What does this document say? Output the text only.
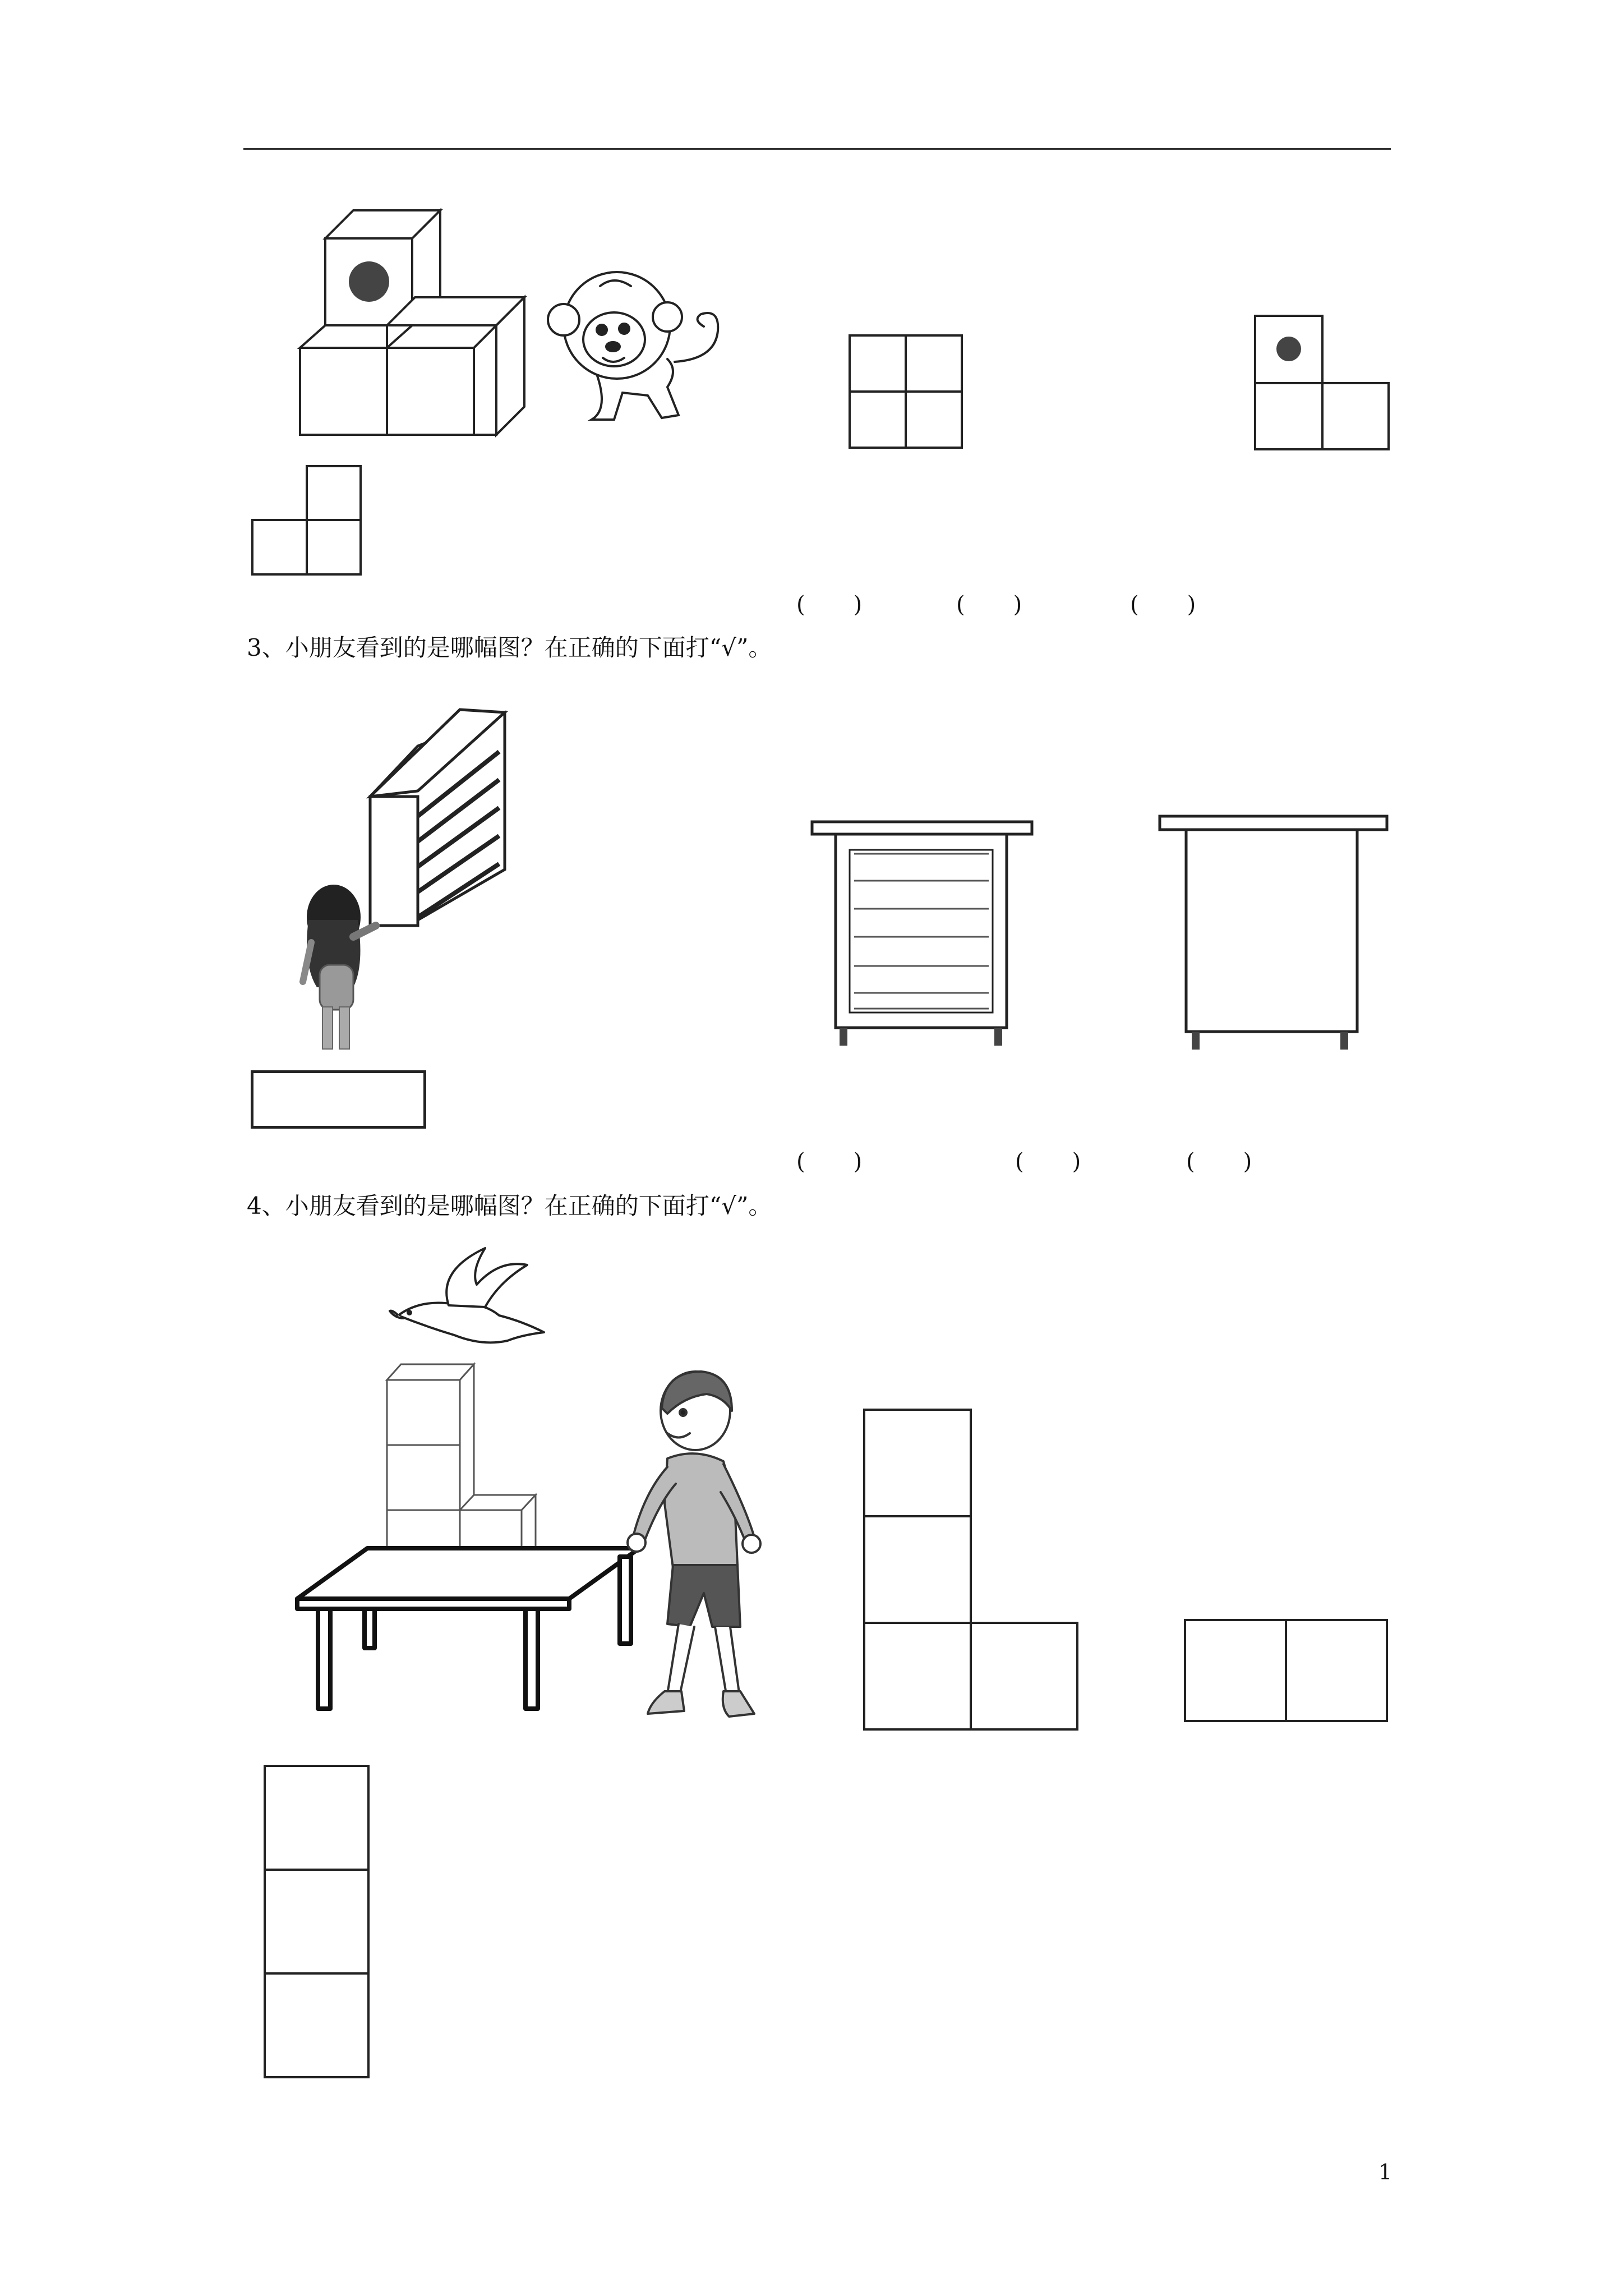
(　　)	(　　)	(　　)
3、小朋友看到的是哪幅图？在正确的下面打“√”。
(　　)	(　　)	(　　)
4、小朋友看到的是哪幅图？在正确的下面打“√”。
1
